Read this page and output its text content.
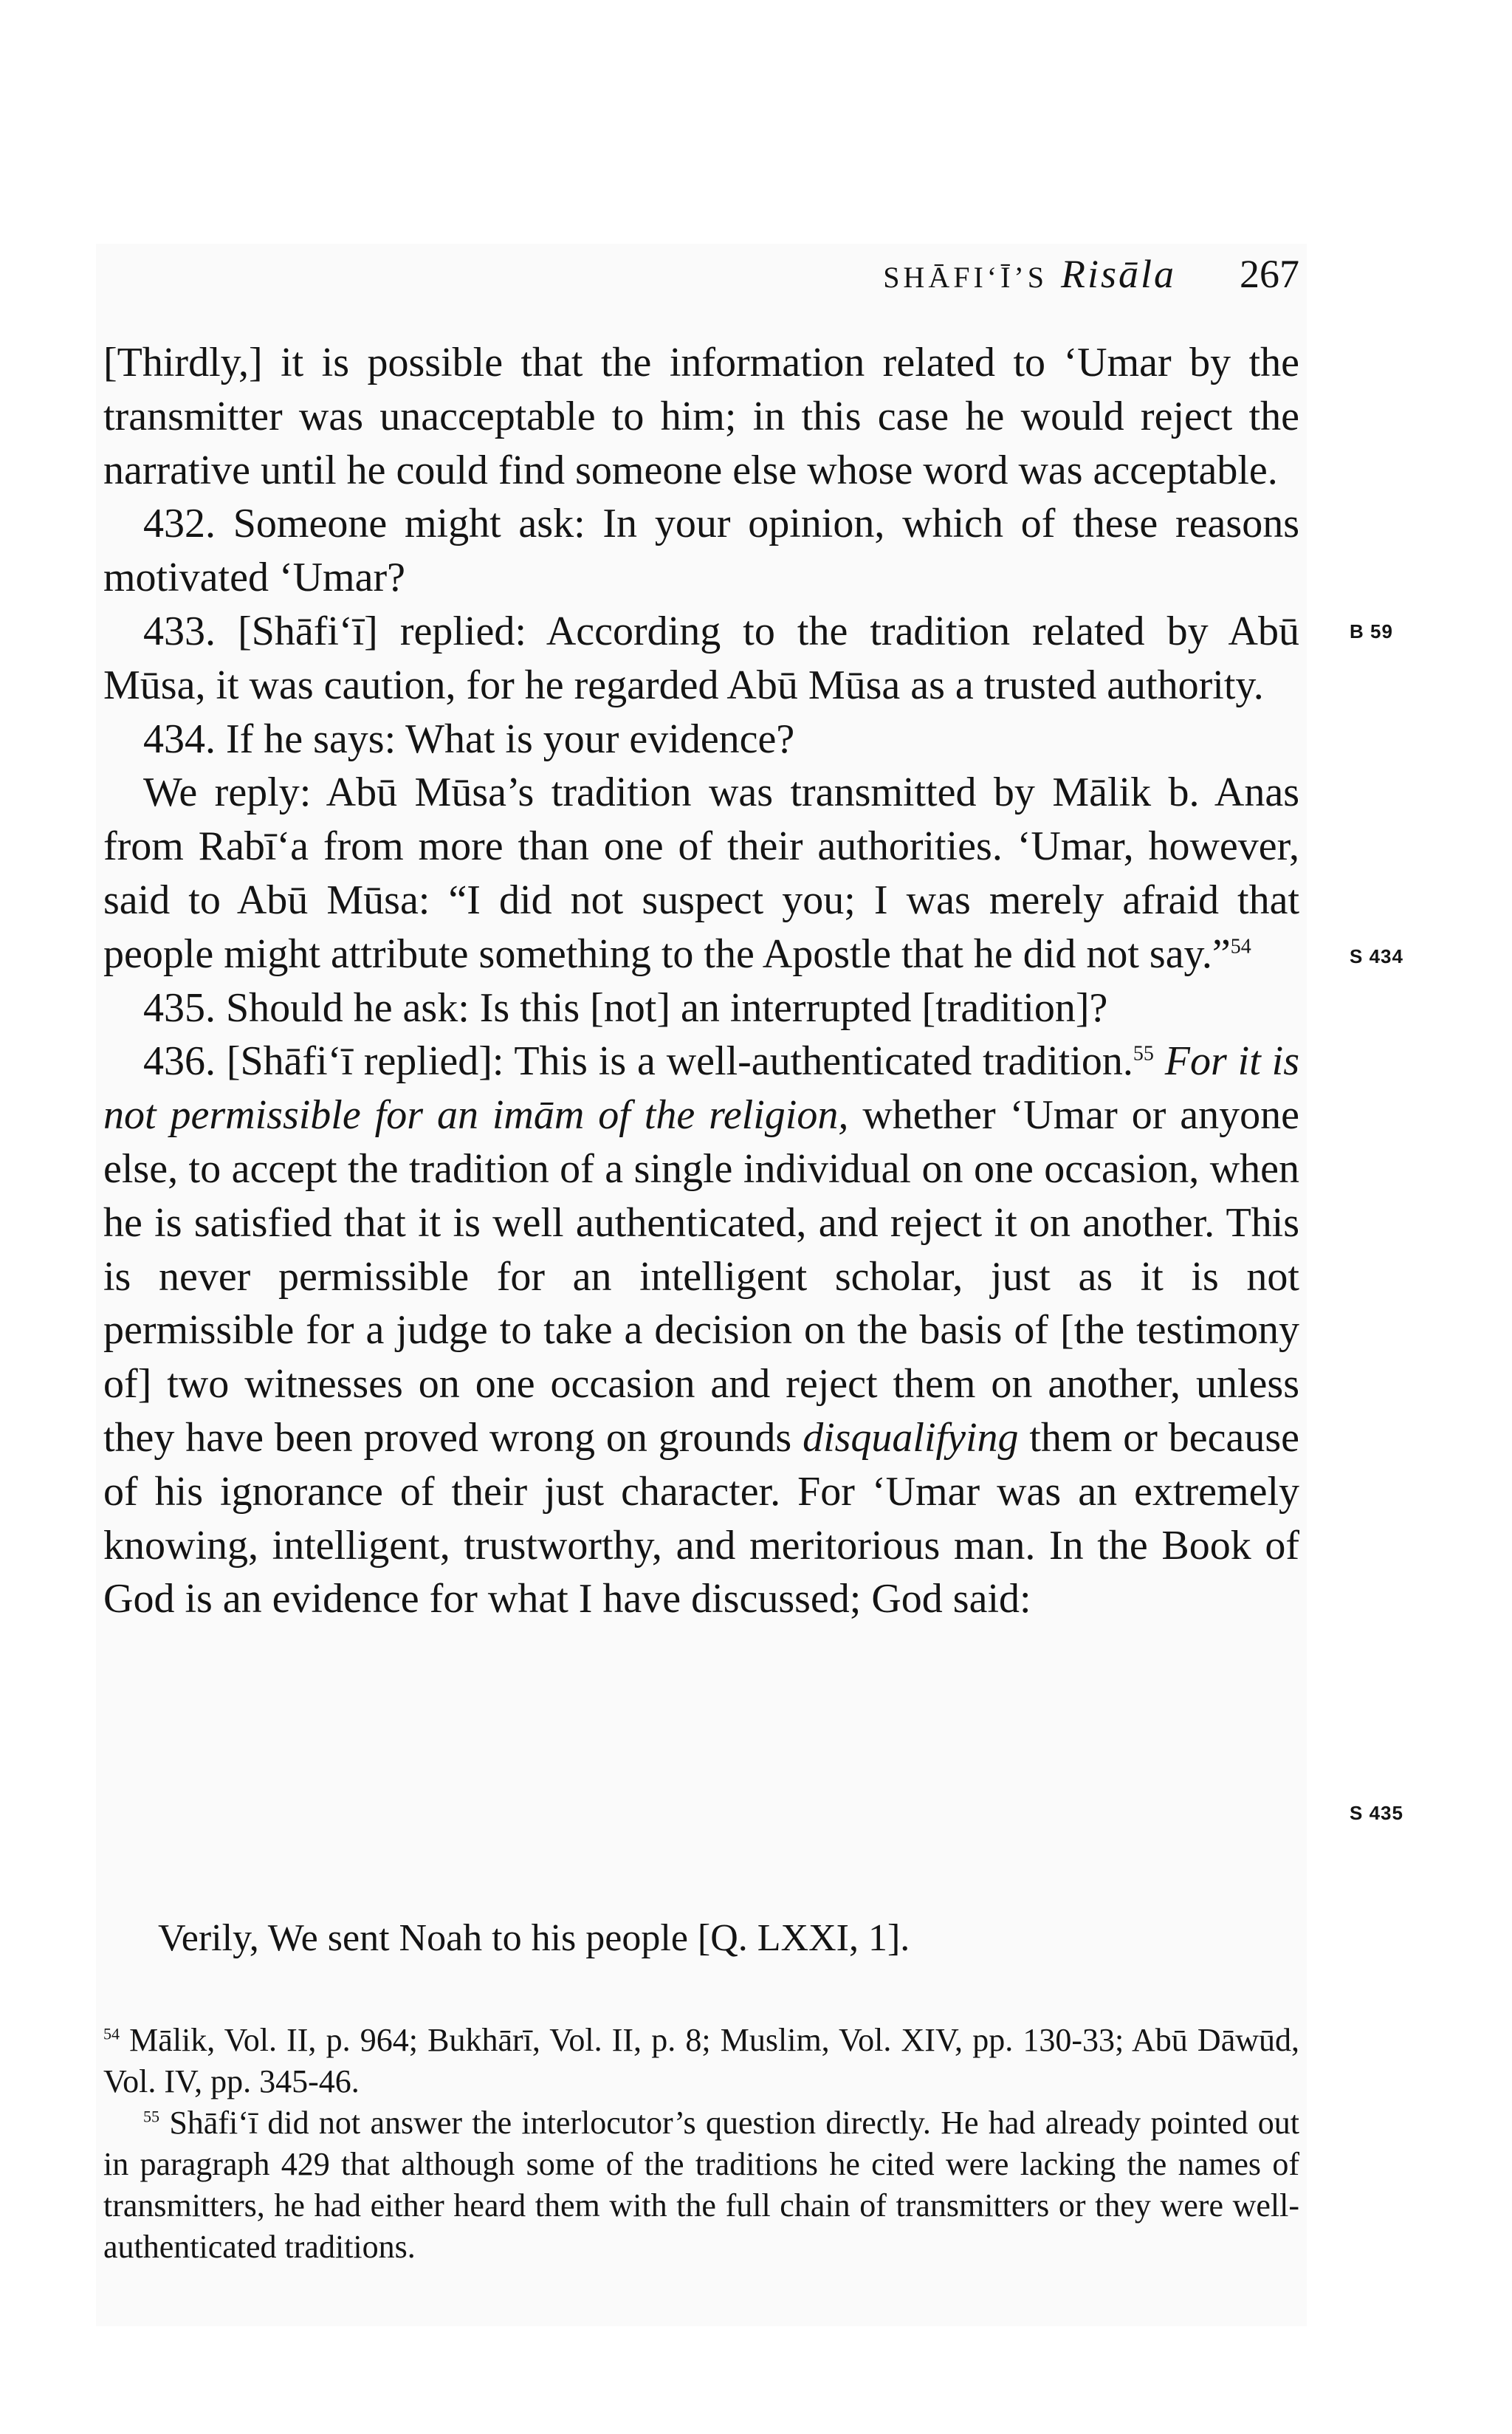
SHĀFI‘Ī’S Risāla 267

[Thirdly,] it is possible that the information related to ‘Umar by the transmitter was unacceptable to him; in this case he would reject the narrative until he could find someone else whose word was acceptable.

432. Someone might ask: In your opinion, which of these reasons motivated ‘Umar?

433. [Shāfi‘ī] replied: According to the tradition related by Abū Mūsa, it was caution, for he regarded Abū Mūsa as a trusted authority.

434. If he says: What is your evidence?

We reply: Abū Mūsa’s tradition was transmitted by Mālik b. Anas from Rabī‘a from more than one of their authorities. ‘Umar, however, said to Abū Mūsa: “I did not suspect you; I was merely afraid that people might attribute something to the Apostle that he did not say.”$^{54}$

435. Should he ask: Is this [not] an interrupted [tradition]?

436. [Shāfi‘ī replied]: This is a well-authenticated tradition.$^{55}$ For it is not permissible for an imām of the religion, whether ‘Umar or anyone else, to accept the tradition of a single individual on one occasion, when he is satisfied that it is well authenticated, and reject it on another. This is never permissible for an intelligent scholar, just as it is not permissible for a judge to take a decision on the basis of [the testimony of] two witnesses on one occasion and reject them on another, unless they have been proved wrong on grounds disqualifying them or because of his ignorance of their just character. For ‘Umar was an extremely knowing, intelligent, trustworthy, and meritorious man. In the Book of God is an evidence for what I have discussed; God said:

Verily, We sent Noah to his people [Q. LXXI, 1].

$^{54}$ Mālik, Vol. II, p. 964; Bukhārī, Vol. II, p. 8; Muslim, Vol. XIV, pp. 130-33; Abū Dāwūd, Vol. IV, pp. 345-46.

$^{55}$ Shāfi‘ī did not answer the interlocutor’s question directly. He had already pointed out in paragraph 429 that although some of the traditions he cited were lacking the names of transmitters, he had either heard them with the full chain of transmitters or they were well-authenticated traditions.

B 59
S 434
S 435
